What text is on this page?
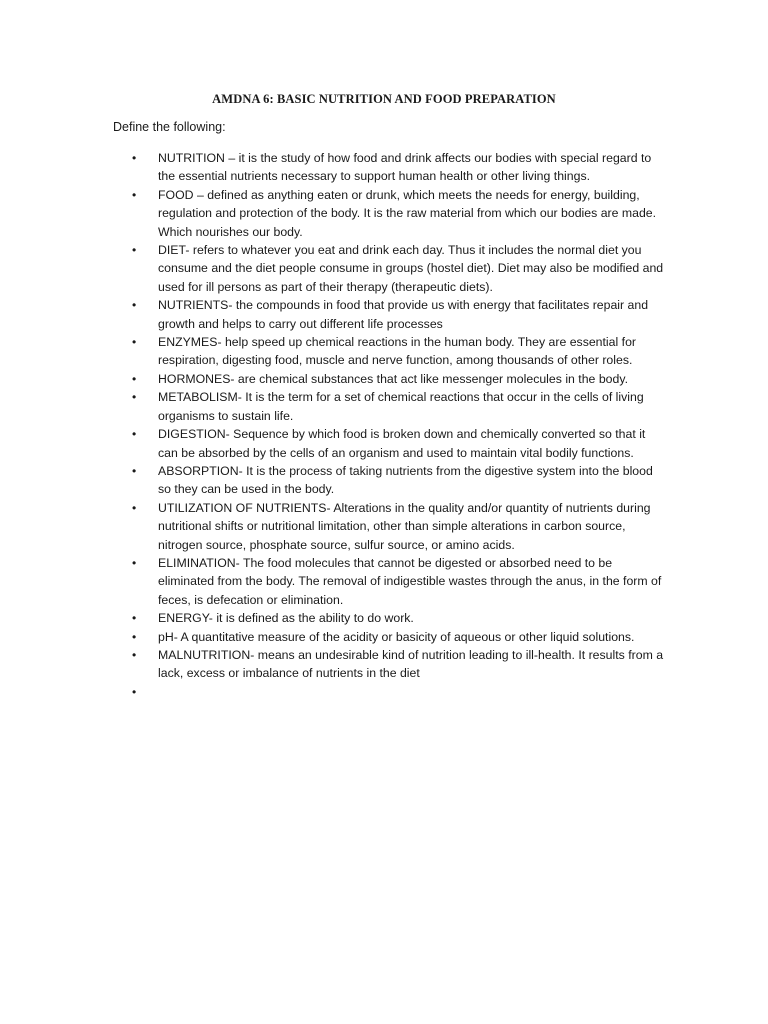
AMDNA 6: BASIC NUTRITION AND FOOD PREPARATION

Define the following:

•	NUTRITION – it is the study of how food and drink affects our bodies with special regard to the essential nutrients necessary to support human health or other living things.
•	FOOD – defined as anything eaten or drunk, which meets the needs for energy, building, regulation and protection of the body. It is the raw material from which our bodies are made. Which nourishes our body.
•	DIET- refers to whatever you eat and drink each day. Thus it includes the normal diet you consume and the diet people consume in groups (hostel diet). Diet may also be modified and used for ill persons as part of their therapy (therapeutic diets).
•	NUTRIENTS- the compounds in food that provide us with energy that facilitates repair and growth and helps to carry out different life processes
•	ENZYMES- help speed up chemical reactions in the human body. They are essential for respiration, digesting food, muscle and nerve function, among thousands of other roles.
•	HORMONES- are chemical substances that act like messenger molecules in the body.
•	METABOLISM- It is the term for a set of chemical reactions that occur in the cells of living organisms to sustain life.
•	DIGESTION- Sequence by which food is broken down and chemically converted so that it can be absorbed by the cells of an organism and used to maintain vital bodily functions.
•	ABSORPTION- It is the process of taking nutrients from the digestive system into the blood so they can be used in the body.
•	UTILIZATION OF NUTRIENTS- Alterations in the quality and/or quantity of nutrients during nutritional shifts or nutritional limitation, other than simple alterations in carbon source, nitrogen source, phosphate source, sulfur source, or amino acids.
•	ELIMINATION- The food molecules that cannot be digested or absorbed need to be eliminated from the body. The removal of indigestible wastes through the anus, in the form of feces, is defecation or elimination.
•	ENERGY- it is defined as the ability to do work.
•	pH- A quantitative measure of the acidity or basicity of aqueous or other liquid solutions.
•	MALNUTRITION- means an undesirable kind of nutrition leading to ill-health. It results from a lack, excess or imbalance of nutrients in the diet
•
